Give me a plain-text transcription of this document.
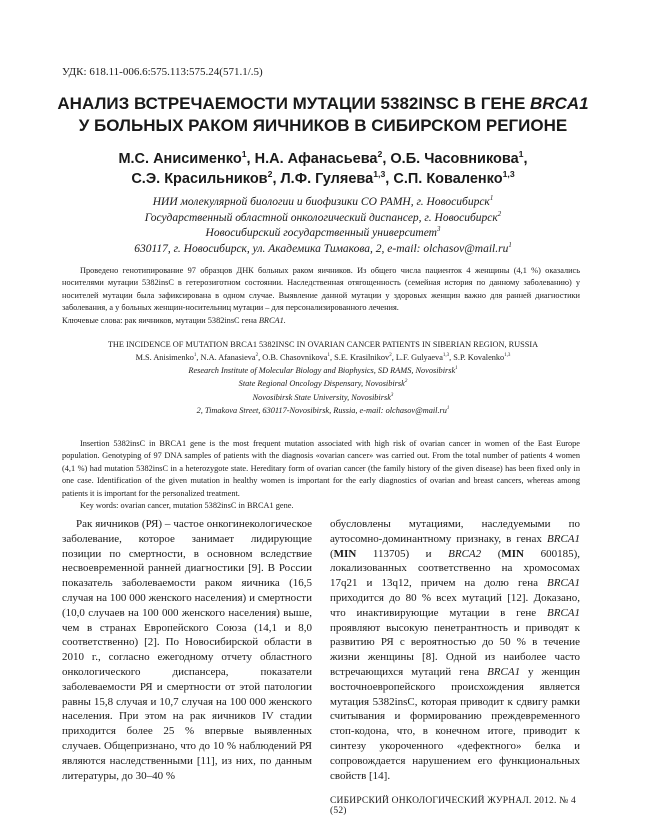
УДК: 618.11-006.6:575.113:575.24(571.1/.5)
АНАЛИЗ ВСТРЕЧАЕМОСТИ МУТАЦИИ 5382INSC В ГЕНЕ BRCA1
У БОЛЬНЫХ РАКОМ ЯИЧНИКОВ В СИБИРСКОМ РЕГИОНЕ
М.С. Анисименко$^1$, Н.А. Афанасьева$^2$, О.Б. Часовникова$^1$,
С.Э. Красильников$^2$, Л.Ф. Гуляева$^{1,3}$, С.П. Коваленко$^{1,3}$
НИИ молекулярной биологии и биофизики СО РАМН, г. Новосибирск$^1$
Государственный областной онкологический диспансер, г. Новосибирск$^2$
Новосибирский государственный университет$^3$
630117, г. Новосибирск, ул. Академика Тимакова, 2, e-mail: $olchasov@mail.ru^1$

Проведено генотипирование 97 образцов ДНК больных раком яичников. Из общего числа пациенток 4 женщины (4,1 %) оказались носителями мутации 5382insC в гетерозиготном состоянии. Наследственная отягощенность (семейная история по данному заболеванию) у носителей мутации была зафиксирована в одном случае. Выявление данной мутации у здоровых женщин важно для ранней диагностики заболевания, а у больных женщин-носительниц мутации – для персонализированного лечения.

Ключевые слова: рак яичников, мутации 5382insC гена BRCA1.

THE INCIDENCE OF MUTATION BRCA1 5382INSC IN OVARIAN CANCER PATIENTS IN SIBERIAN REGION, RUSSIA
M.S. Anisimenko$^1$, N.A. Afanasieva$^2$, O.B. Chasovnikova$^1$, S.E. Krasilnikov$^2$, L.F. Gulyaeva$^{1,3}$, S.P. Kovalenko$^{1,3}$
Research Institute of Molecular Biology and Biophysics, SD RAMS, Novosibirsk$^1$
State Regional Oncology Dispensary, Novosibirsk$^2$
Novosibirsk State University, Novosibirsk$^3$
2, Timakova Street, 630117-Novosibirsk, Russia, e-mail: $olchasov@mail.ru^1$

Insertion 5382insC in BRCA1 gene is the most frequent mutation associated with high risk of ovarian cancer in women of the East Europe population. Genotyping of 97 DNA samples of patients with the diagnosis «ovarian cancer» was carried out. From the total number of patients 4 women (4,1 %) had mutation 5382insC in a heterozygote state. Hereditary form of ovarian cancer (the family history of the given disease) has been fixed only in one case. Identification of the given mutation in healthy women is important for the early diagnostics of ovarian and breast cancers, whereas among patients it is important for the personalized treatment.

Key words: ovarian cancer, mutation 5382insC in BRCA1 gene.

Рак яичников (РЯ) – частое онкогинекологическое заболевание, которое занимает лидирующие позиции по смертности, в основном вследствие несвоевременной ранней диагностики [9]. В России показатель заболеваемости раком яичника (16,5 случая на 100 000 женского населения) и смертности (10,0 случаев на 100 000 женского населения) выше, чем в странах Европейского Союза (14,1 и 8,0 соответственно) [2]. По Новосибирской области в 2010 г., согласно ежегодному отчету областного онкологического диспансера, показатели заболеваемости РЯ и смертности от этой патологии равны 15,8 случая и 10,7 случая на 100 000 женского населения. При этом на рак яичников IV стадии приходится более 25 % впервые выявленных случаев. Общепризнано, что до 10 % наблюдений РЯ являются наследственными [11], из них, по данным литературы, до 30–40 %

обусловлены мутациями, наследуемыми по аутосомно-доминантному признаку, в генах BRCA1 (MIN 113705) и BRCA2 (MIN 600185), локализованных соответственно на хромосомах 17q21 и 13q12, причем на долю гена BRCA1 приходится до 80 % всех мутаций [12]. Доказано, что инактивирующие мутации в гене BRCA1 проявляют высокую пенетрантность и приводят к развитию РЯ с вероятностью до 50 % в течение жизни женщины [8]. Одной из наиболее часто встречающихся мутаций гена BRCA1 у женщин восточноевропейского происхождения является мутация 5382insC, которая приводит к сдвигу рамки считывания и формированию преждевременного стоп-кодона, что, в конечном итоге, приводит к синтезу укороченного «дефектного» белка и сопровождается нарушением его функциональных свойств [14].

СИБИРСКИЙ ОНКОЛОГИЧЕСКИЙ ЖУРНАЛ. 2012. № 4 (52)
